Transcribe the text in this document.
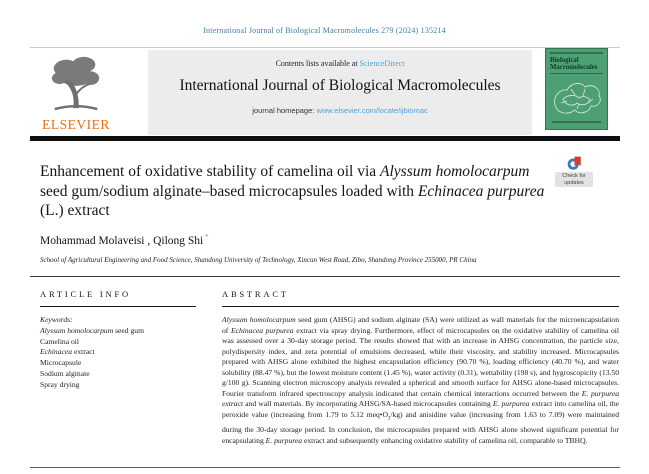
International Journal of Biological Macromolecules 279 (2024) 135214
ELSEVIER
Contents lists available at ScienceDirect
International Journal of Biological Macromolecules
journal homepage: www.elsevier.com/locate/ijbiomac
Biological
Macromolecules
Check for updates
Enhancement of oxidative stability of camelina oil via Alyssum homolocarpum seed gum/sodium alginate–based microcapsules loaded with Echinacea purpurea (L.) extract
Mohammad Molaveisi , Qilong Shi *
School of Agricultural Engineering and Food Science, Shandong University of Technology, Xincun West Road, Zibo, Shandong Province 255000, PR China
ARTICLE INFO
Keywords:
Alyssum homolocarpum seed gum
Camelina oil
Echinacea extract
Microcapsule
Sodium alginate
Spray drying
ABSTRACT
Alyssum homolocarpum seed gum (AHSG) and sodium alginate (SA) were utilized as wall materials for the microencapsulation of Echinacea purpurea extract via spray drying. Furthermore, effect of microcapsules on the oxidative stability of camelina oil was assessed over a 30-day storage period. The results showed that with an increase in AHSG concentration, the particle size, polydispersity index, and zeta potential of emulsions decreased, while their viscosity, and stability increased. Microcapsules prepared with AHSG alone exhibited the highest encapsulation efficiency (90.70 %), loading efficiency (40.70 %), and water solubility (88.47 %), but the lowest moisture content (1.45 %), water activity (0.31), wettability (198 s), and hygroscopicity (13.50 g/100 g). Scanning electron microscopy analysis revealed a spherical and smooth surface for AHSG alone-based microcapsules. Fourier transform infrared spectroscopy analysis indicated that certain chemical interactions occurred between the E. purpurea extract and wall materials. By incorporating AHSG/SA-based microcapsules containing E. purpurea extract into camelina oil, the peroxide value (increasing from 1.79 to 5.12 $meq•O_2/kg$) and anisidine value (increasing from 1.63 to 7.09) were maintained during the 30-day storage period. In conclusion, the microcapsules prepared with AHSG alone showed significant potential for encapsulating E. purpurea extract and subsequently enhancing oxidative stability of camelina oil, comparable to TBHQ.
